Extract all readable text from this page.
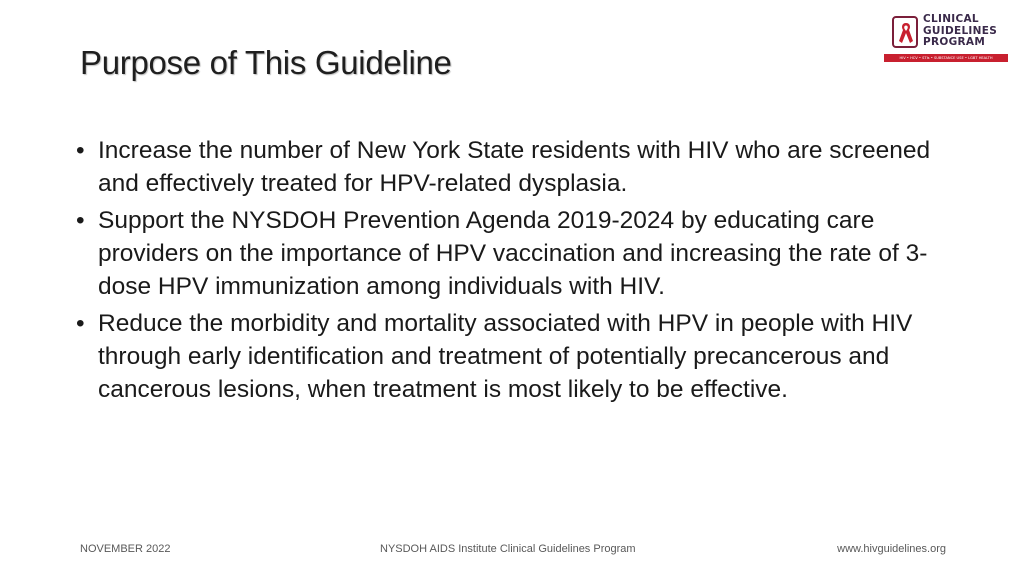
Purpose of This Guideline
CLINICAL
GUIDELINES
PROGRAM
HIV • HCV • STIs • SUBSTANCE USE • LGBT HEALTH
• Increase the number of New York State residents with HIV who are screened and effectively treated for HPV-related dysplasia.
• Support the NYSDOH Prevention Agenda 2019-2024 by educating care providers on the importance of HPV vaccination and increasing the rate of 3-dose HPV immunization among individuals with HIV.
• Reduce the morbidity and mortality associated with HPV in people with HIV through early identification and treatment of potentially precancerous and cancerous lesions, when treatment is most likely to be effective.
NOVEMBER 2022	NYSDOH AIDS Institute Clinical Guidelines Program	www.hivguidelines.org
